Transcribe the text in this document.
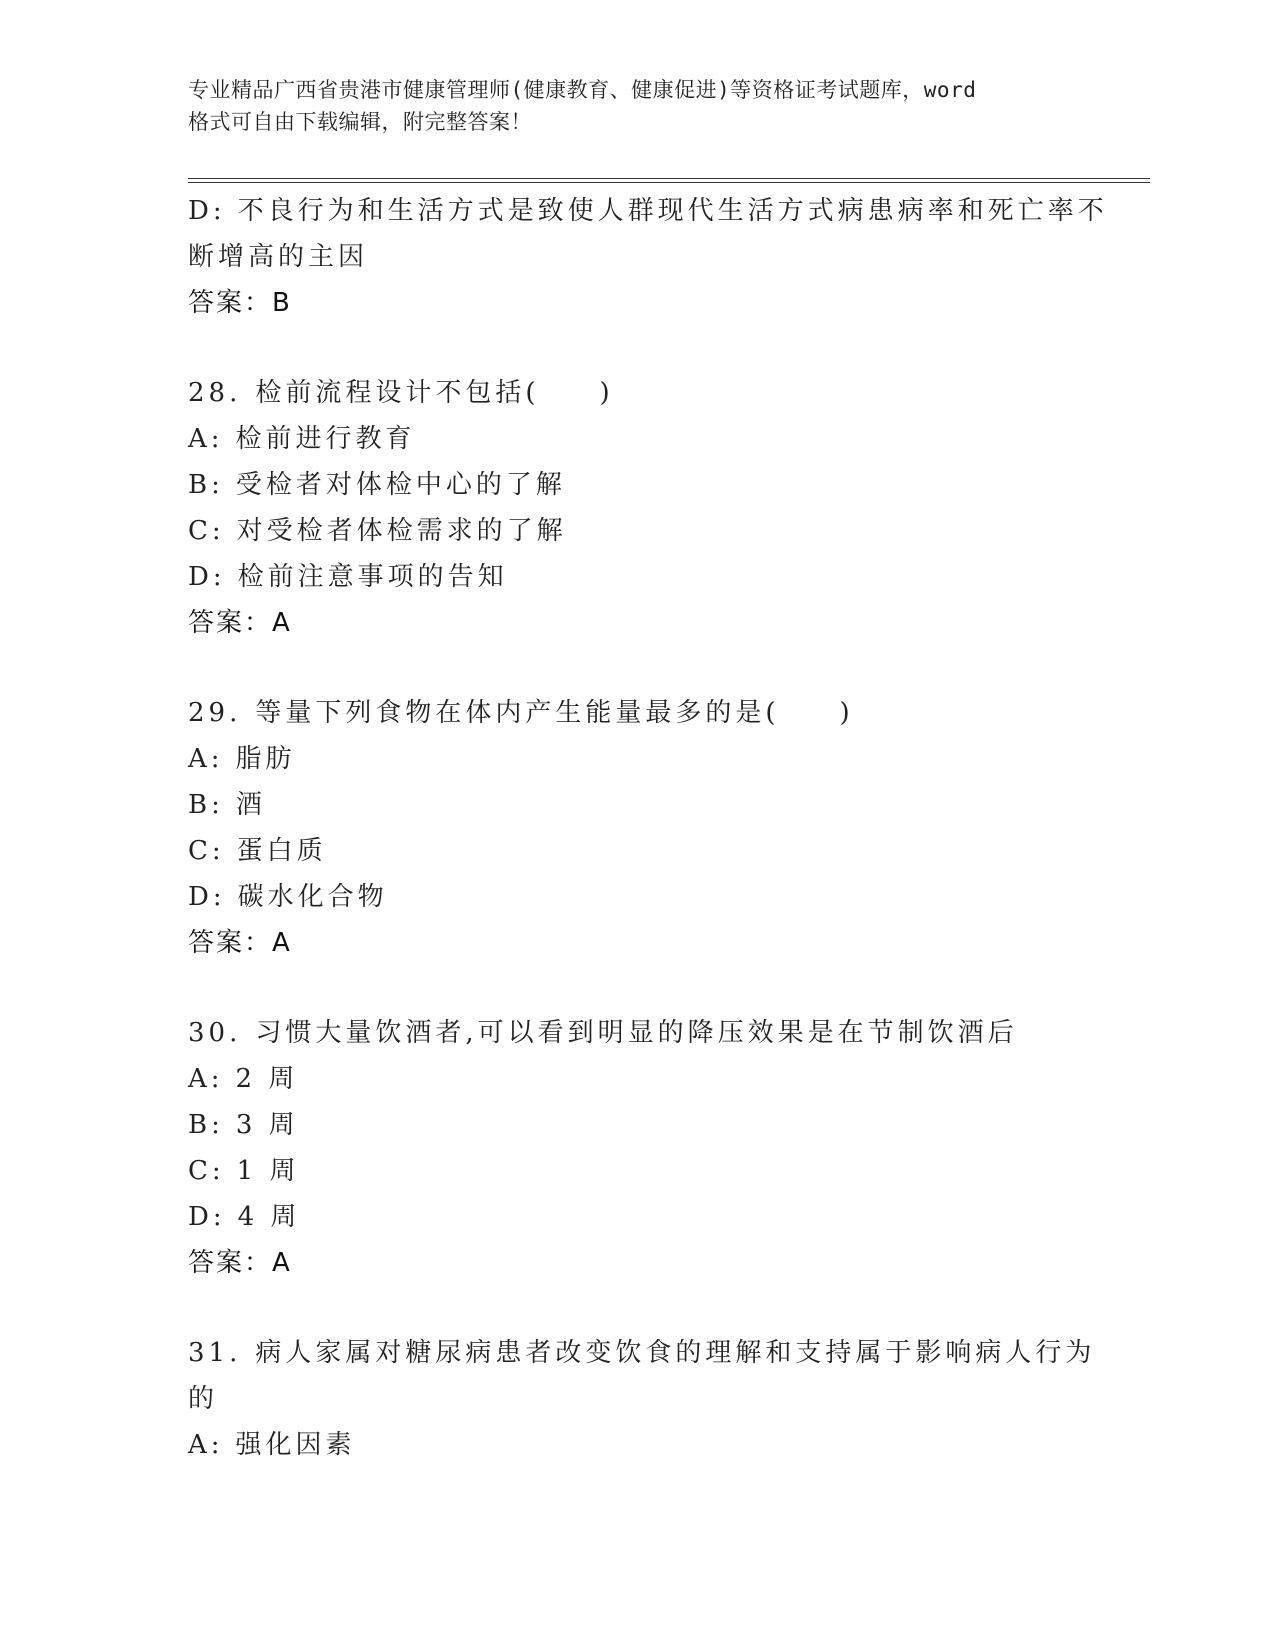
专业精品广西省贵港市健康管理师(健康教育、健康促进)等资格证考试题库，word
格式可自由下载编辑，附完整答案！
D: 不良行为和生活方式是致使人群现代生活方式病患病率和死亡率不
断增高的主因
答案：B
28. 检前流程设计不包括(　　)
A: 检前进行教育
B: 受检者对体检中心的了解
C: 对受检者体检需求的了解
D: 检前注意事项的告知
答案：A
29. 等量下列食物在体内产生能量最多的是(　　)
A: 脂肪
B: 酒
C: 蛋白质
D: 碳水化合物
答案：A
30. 习惯大量饮酒者,可以看到明显的降压效果是在节制饮酒后
A: 2 周
B: 3 周
C: 1 周
D: 4 周
答案：A
31. 病人家属对糖尿病患者改变饮食的理解和支持属于影响病人行为
的
A: 强化因素
